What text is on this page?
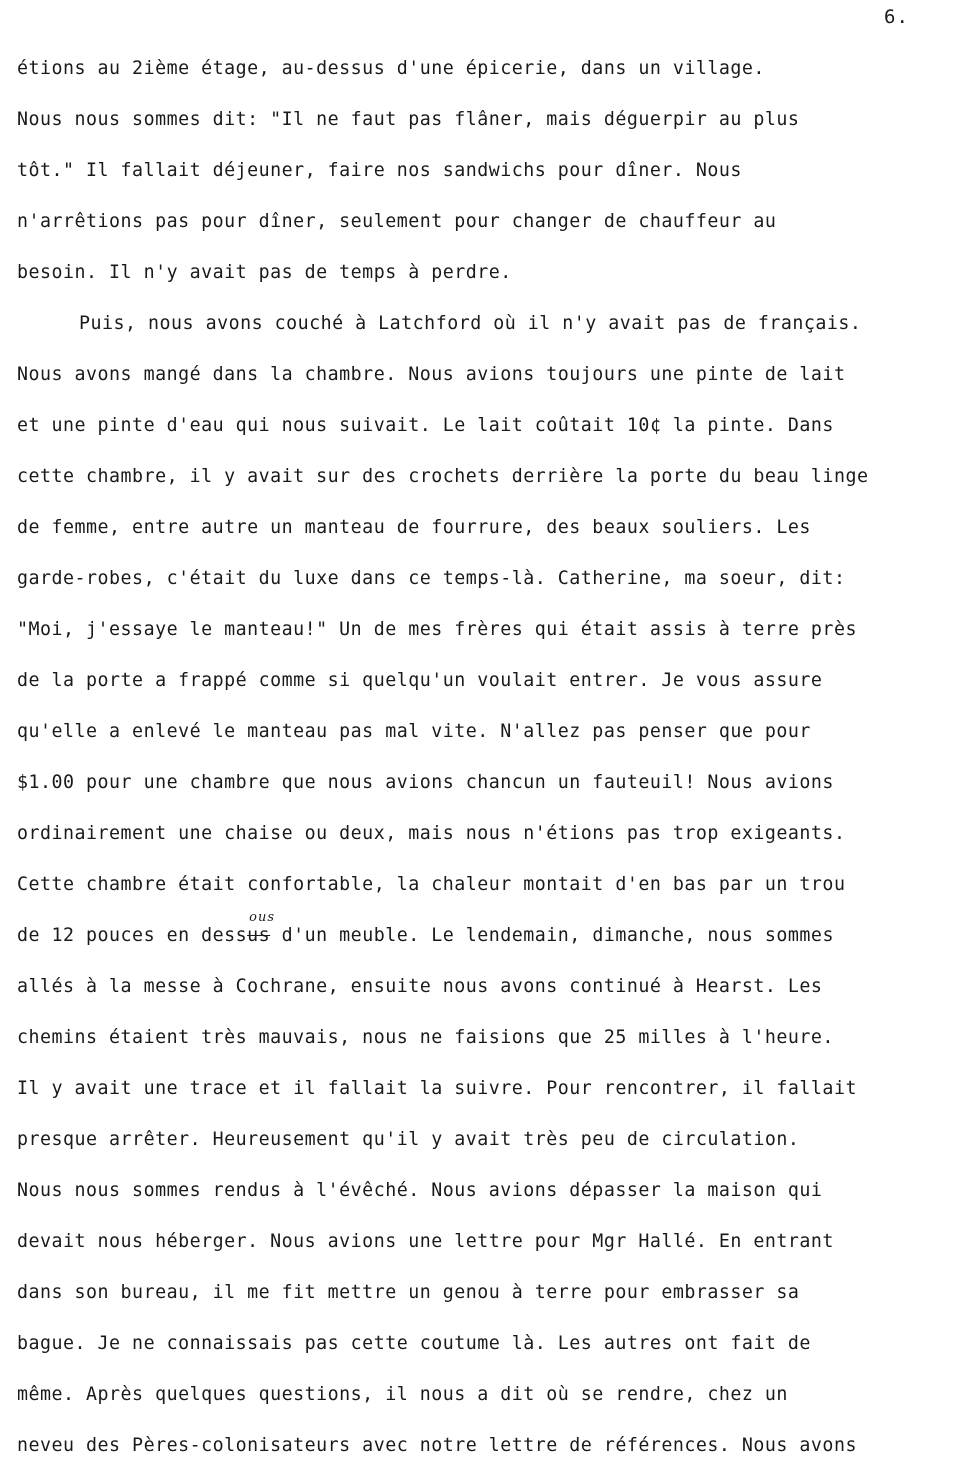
6.
étions au 2ième étage, au-dessus d'une épicerie, dans un village.
Nous nous sommes dit: "Il ne faut pas flâner, mais déguerpir au plus
tôt." Il fallait déjeuner, faire nos sandwichs pour dîner. Nous
n'arrêtions pas pour dîner, seulement pour changer de chauffeur au
besoin. Il n'y avait pas de temps à perdre.
Puis, nous avons couché à Latchford où il n'y avait pas de français.
Nous avons mangé dans la chambre. Nous avions toujours une pinte de lait
et une pinte d'eau qui nous suivait. Le lait coûtait 10¢ la pinte. Dans
cette chambre, il y avait sur des crochets derrière la porte du beau linge
de femme, entre autre un manteau de fourrure, des beaux souliers. Les
garde-robes, c'était du luxe dans ce temps-là. Catherine, ma soeur, dit:
"Moi, j'essaye le manteau!" Un de mes frères qui était assis à terre près
de la porte a frappé comme si quelqu'un voulait entrer. Je vous assure
qu'elle a enlevé le manteau pas mal vite. N'allez pas penser que pour
$1.00 pour une chambre que nous avions chancun un fauteuil! Nous avions
ordinairement une chaise ou deux, mais nous n'étions pas trop exigeants.
Cette chambre était confortable, la chaleur montait d'en bas par un trou
de 12 pouces en dessus
ous
d'un meuble. Le lendemain, dimanche, nous sommes
allés à la messe à Cochrane, ensuite nous avons continué à Hearst. Les
chemins étaient très mauvais, nous ne faisions que 25 milles à l'heure.
Il y avait une trace et il fallait la suivre. Pour rencontrer, il fallait
presque arrêter. Heureusement qu'il y avait très peu de circulation.
Nous nous sommes rendus à l'évêché. Nous avions dépasser la maison qui
devait nous héberger. Nous avions une lettre pour Mgr Hallé. En entrant
dans son bureau, il me fit mettre un genou à terre pour embrasser sa
bague. Je ne connaissais pas cette coutume là. Les autres ont fait de
même. Après quelques questions, il nous a dit où se rendre, chez un
neveu des Pères-colonisateurs avec notre lettre de références. Nous avons
